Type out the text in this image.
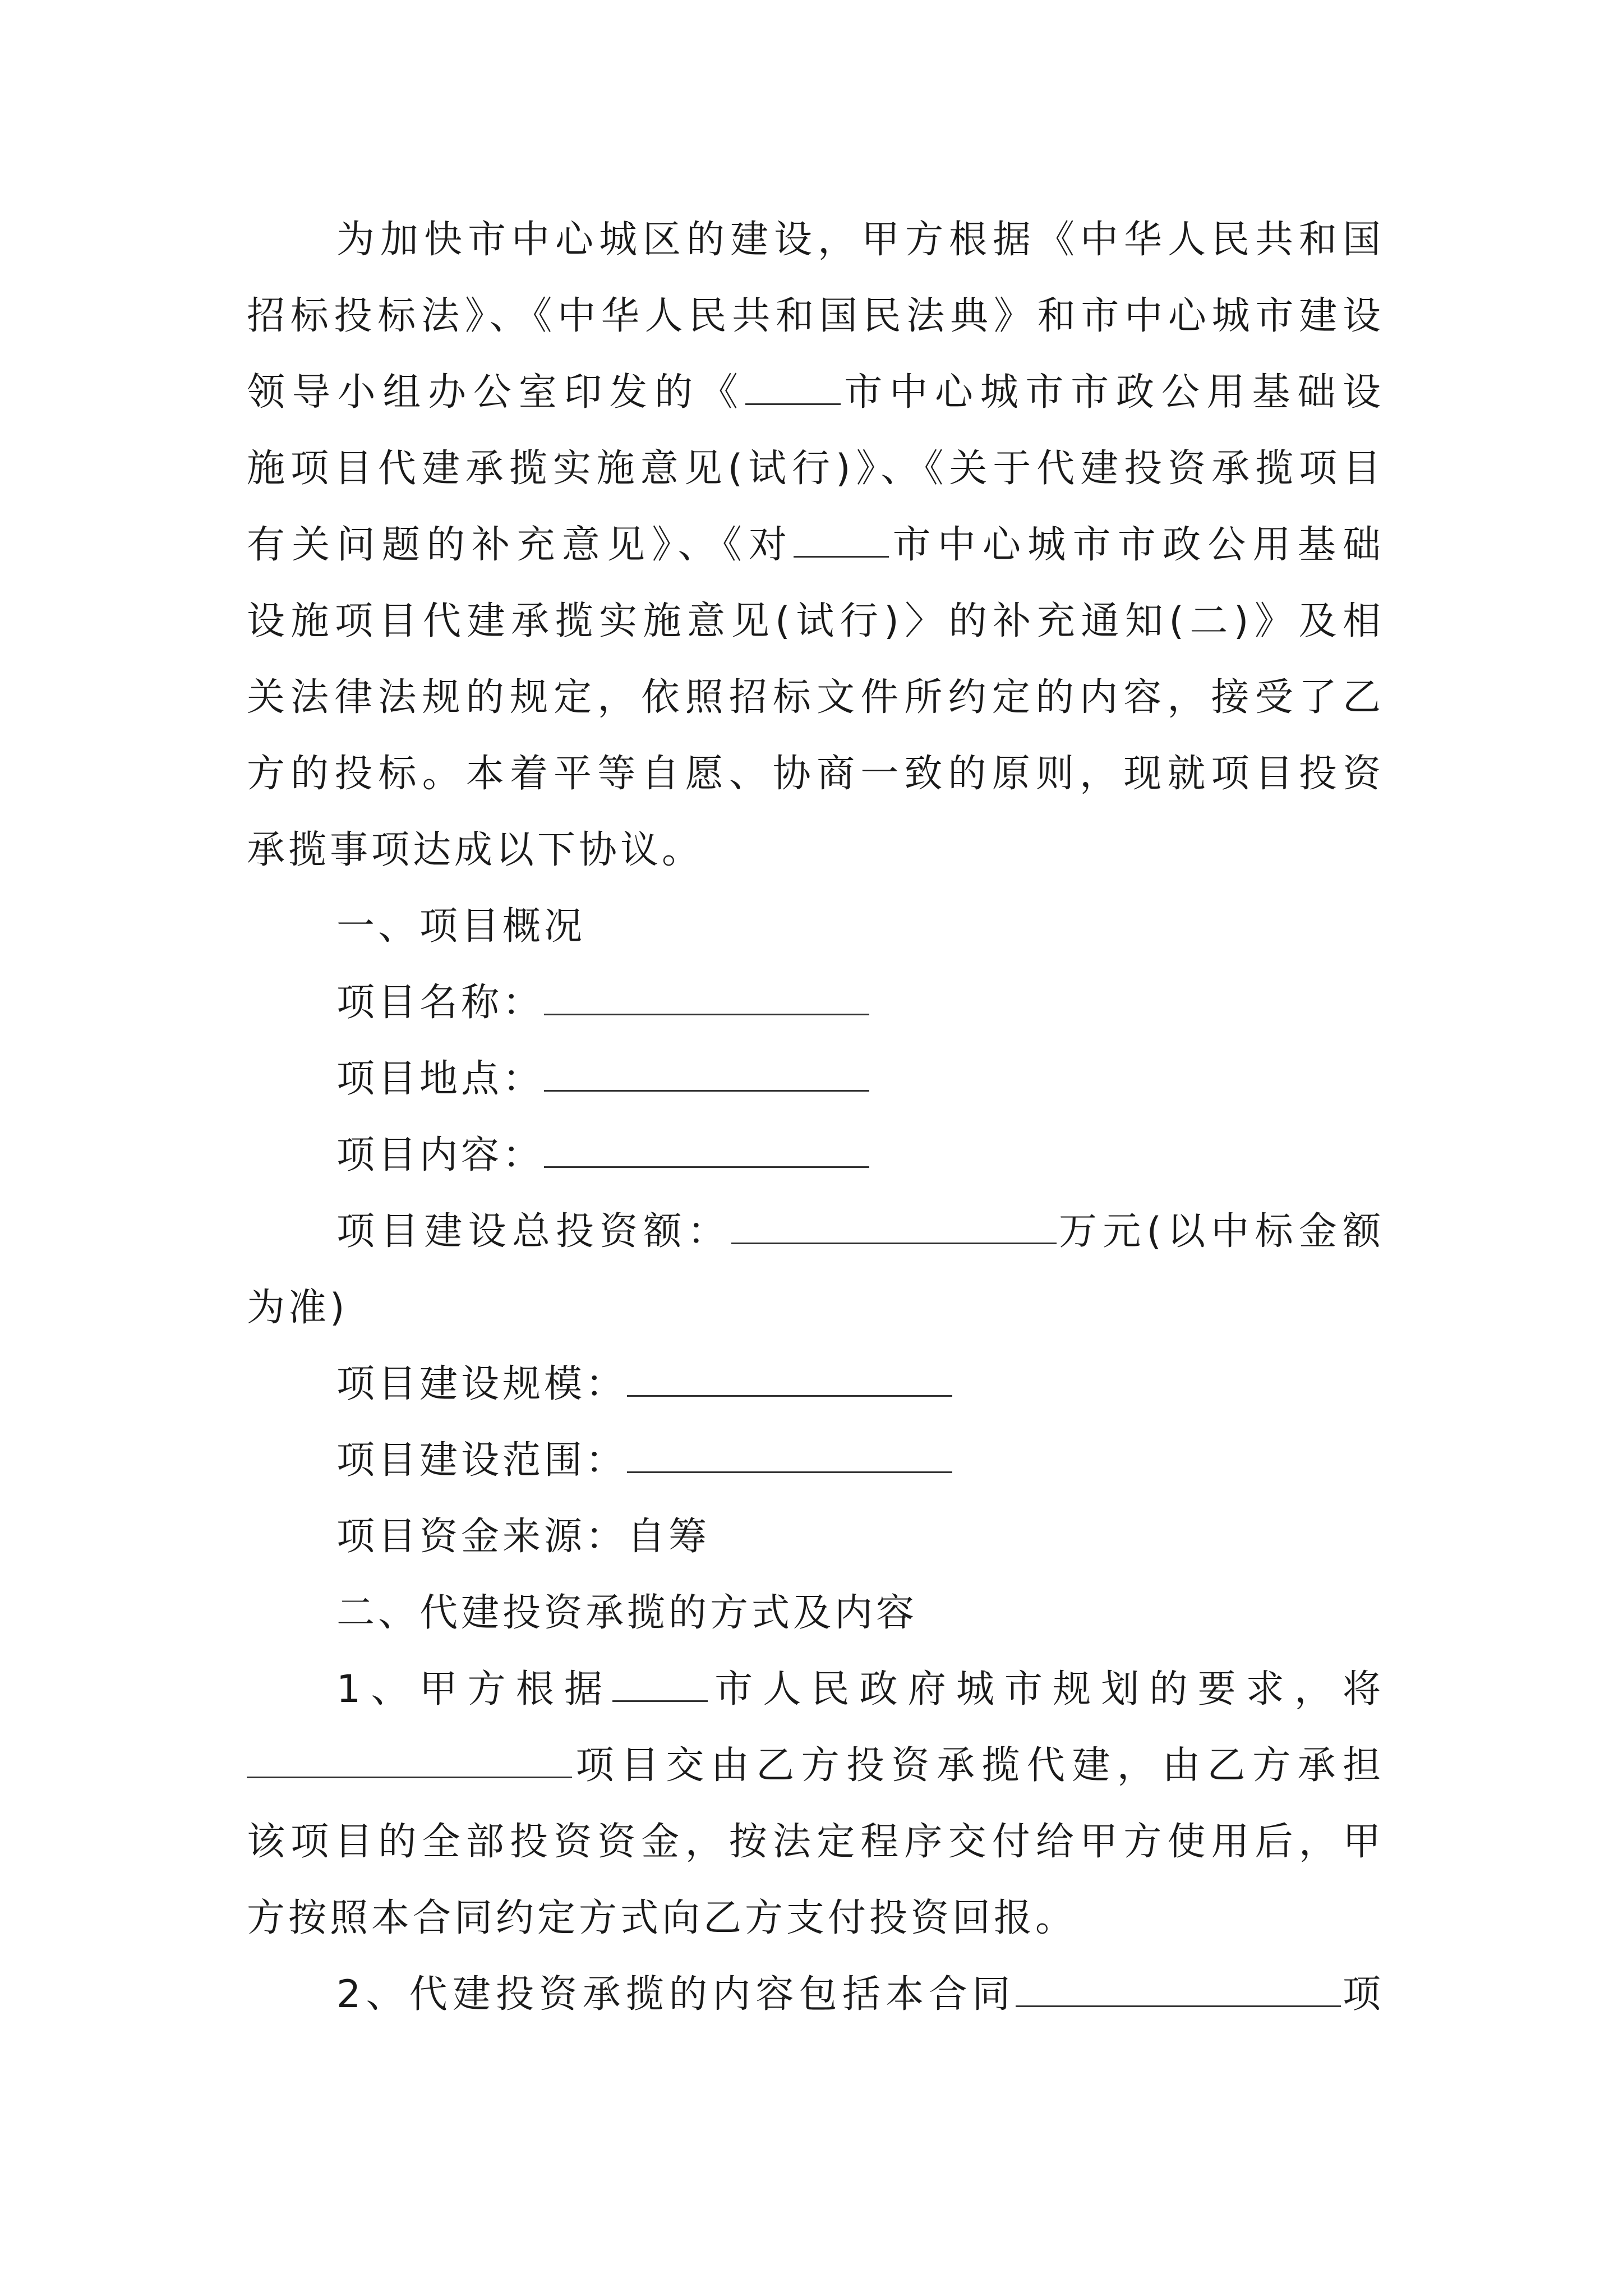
为加快市中心城区的建设，甲方根据《中华人民共和国
招标投标法》、《中华人民共和国民法典》和市中心城市建设
领导小组办公室印发的《	市中心城市市政公用基础设
施项目代建承揽实施意见(试行)》、《关于代建投资承揽项目
有关问题的补充意见》、《对	市中心城市市政公用基础
设施项目代建承揽实施意见(试行)〉的补充通知(二)》及相
关法律法规的规定，依照招标文件所约定的内容，接受了乙
方的投标。本着平等自愿、协商一致的原则，现就项目投资
承揽事项达成以下协议。
一、项目概况
项目名称：
项目地点：
项目内容：
项目建设总投资额：	万元(以中标金额
为准)
项目建设规模：
项目建设范围：
项目资金来源：自筹
二、代建投资承揽的方式及内容
1、甲方根据	市人民政府城市规划的要求，将
项目交由乙方投资承揽代建，由乙方承担
该项目的全部投资资金，按法定程序交付给甲方使用后，甲
方按照本合同约定方式向乙方支付投资回报。
2、代建投资承揽的内容包括本合同	项
